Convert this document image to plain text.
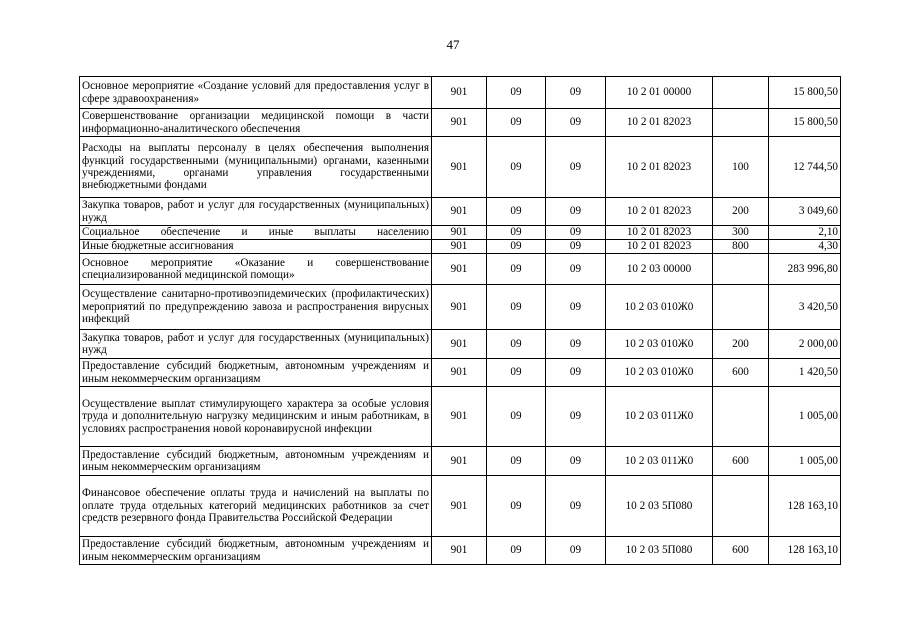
47
Основное мероприятие «Создание условий для предоставления услуг в сфере здравоохранения»	901	09	09	10 2 01 00000		15 800,50
Совершенствование организации медицинской помощи в части информационно-аналитического обеспечения	901	09	09	10 2 01 82023		15 800,50
Расходы на выплаты персоналу в целях обеспечения выполнения функций государственными (муниципальными) органами, казенными учреждениями, органами управления государственными внебюджетными фондами	901	09	09	10 2 01 82023	100	12 744,50
Закупка товаров, работ и услуг для государственных (муниципальных) нужд	901	09	09	10 2 01 82023	200	3 049,60
Социальное обеспечение и иные выплаты населению	901	09	09	10 2 01 82023	300	2,10
Иные бюджетные ассигнования	901	09	09	10 2 01 82023	800	4,30
Основное мероприятие «Оказание и совершенствование специализированной медицинской помощи»	901	09	09	10 2 03 00000		283 996,80
Осуществление санитарно-противоэпидемических (профилактических) мероприятий по предупреждению завоза и распространения вирусных инфекций	901	09	09	10 2 03 010Ж0		3 420,50
Закупка товаров, работ и услуг для государственных (муниципальных) нужд	901	09	09	10 2 03 010Ж0	200	2 000,00
Предоставление субсидий бюджетным, автономным учреждениям и иным некоммерческим организациям	901	09	09	10 2 03 010Ж0	600	1 420,50
Осуществление выплат стимулирующего характера за особые условия труда и дополнительную нагрузку медицинским и иным работникам, в условиях распространения новой коронавирусной инфекции	901	09	09	10 2 03 011Ж0		1 005,00
Предоставление субсидий бюджетным, автономным учреждениям и иным некоммерческим организациям	901	09	09	10 2 03 011Ж0	600	1 005,00
Финансовое обеспечение оплаты труда и начислений на выплаты по оплате труда отдельных категорий медицинских работников за счет средств резервного фонда Правительства Российской Федерации	901	09	09	10 2 03 5П080		128 163,10
Предоставление субсидий бюджетным, автономным учреждениям и иным некоммерческим организациям	901	09	09	10 2 03 5П080	600	128 163,10
